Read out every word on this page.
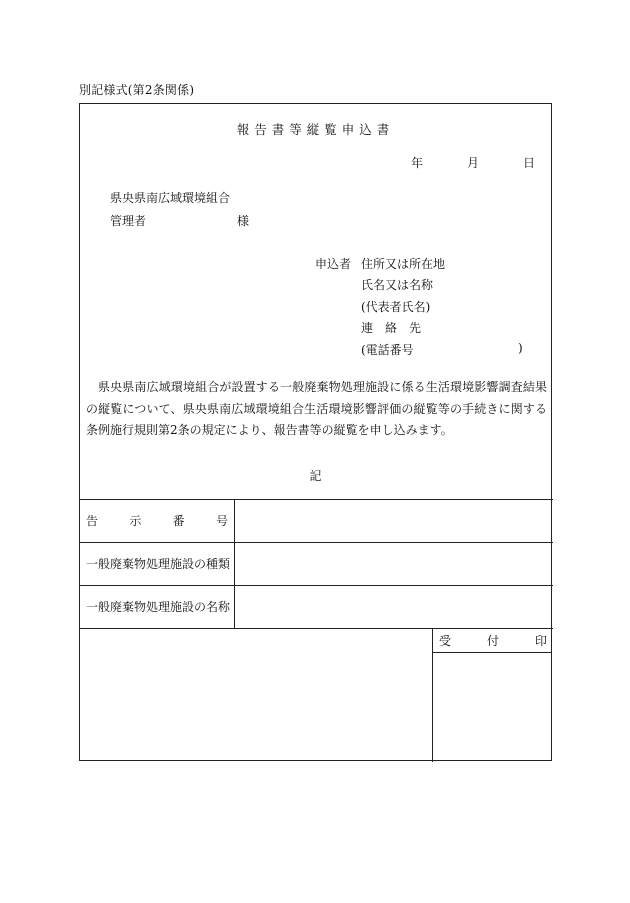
別記様式(第2条関係)
報告書等縦覧申込書
年	月	日
県央県南広域環境組合
管理者	様
申込者 住所又は所在地
氏名又は名称
(代表者氏名)
連　絡　先
(電話番号	)
県央県南広域環境組合が設置する一般廃棄物処理施設に係る生活環境影響調査結果の縦覧について、県央県南広域環境組合生活環境影響評価の縦覧等の手続きに関する条例施行規則第2条の規定により、報告書等の縦覧を申し込みます。
記
告	示	番	号
一般廃棄物処理施設の種類
一般廃棄物処理施設の名称
受	付	印
